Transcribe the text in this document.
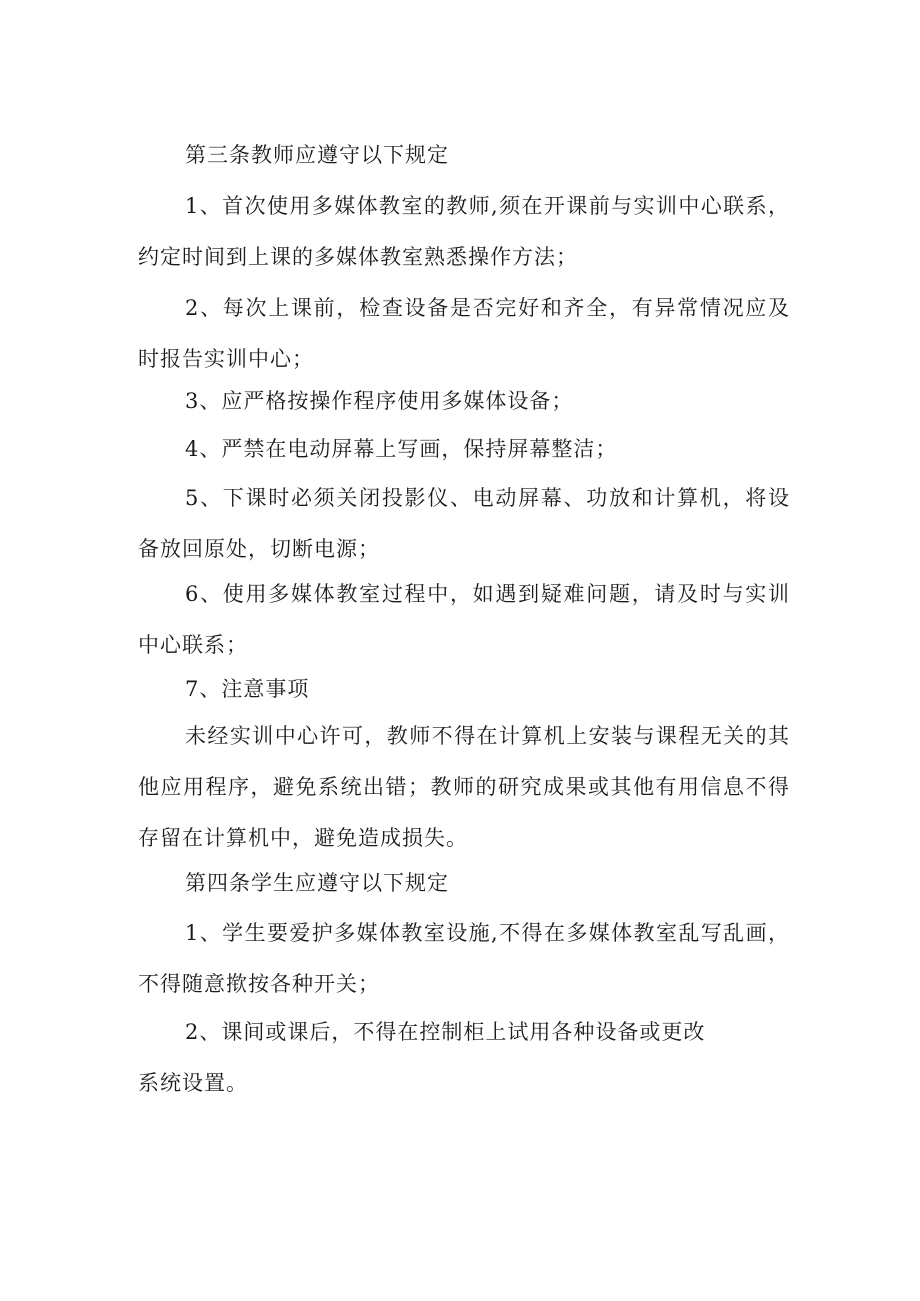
第三条教师应遵守以下规定

1、首次使用多媒体教室的教师,须在开课前与实训中心联系，约定时间到上课的多媒体教室熟悉操作方法；

2、每次上课前，检查设备是否完好和齐全，有异常情况应及时报告实训中心；

3、应严格按操作程序使用多媒体设备；

4、严禁在电动屏幕上写画，保持屏幕整洁；

5、下课时必须关闭投影仪、电动屏幕、功放和计算机，将设备放回原处，切断电源；

6、使用多媒体教室过程中，如遇到疑难问题，请及时与实训中心联系；

7、注意事项

未经实训中心许可，教师不得在计算机上安装与课程无关的其他应用程序，避免系统出错；教师的研究成果或其他有用信息不得存留在计算机中，避免造成损失。

第四条学生应遵守以下规定

1、学生要爱护多媒体教室设施,不得在多媒体教室乱写乱画，不得随意揿按各种开关；

2、课间或课后，不得在控制柜上试用各种设备或更改

系统设置。
